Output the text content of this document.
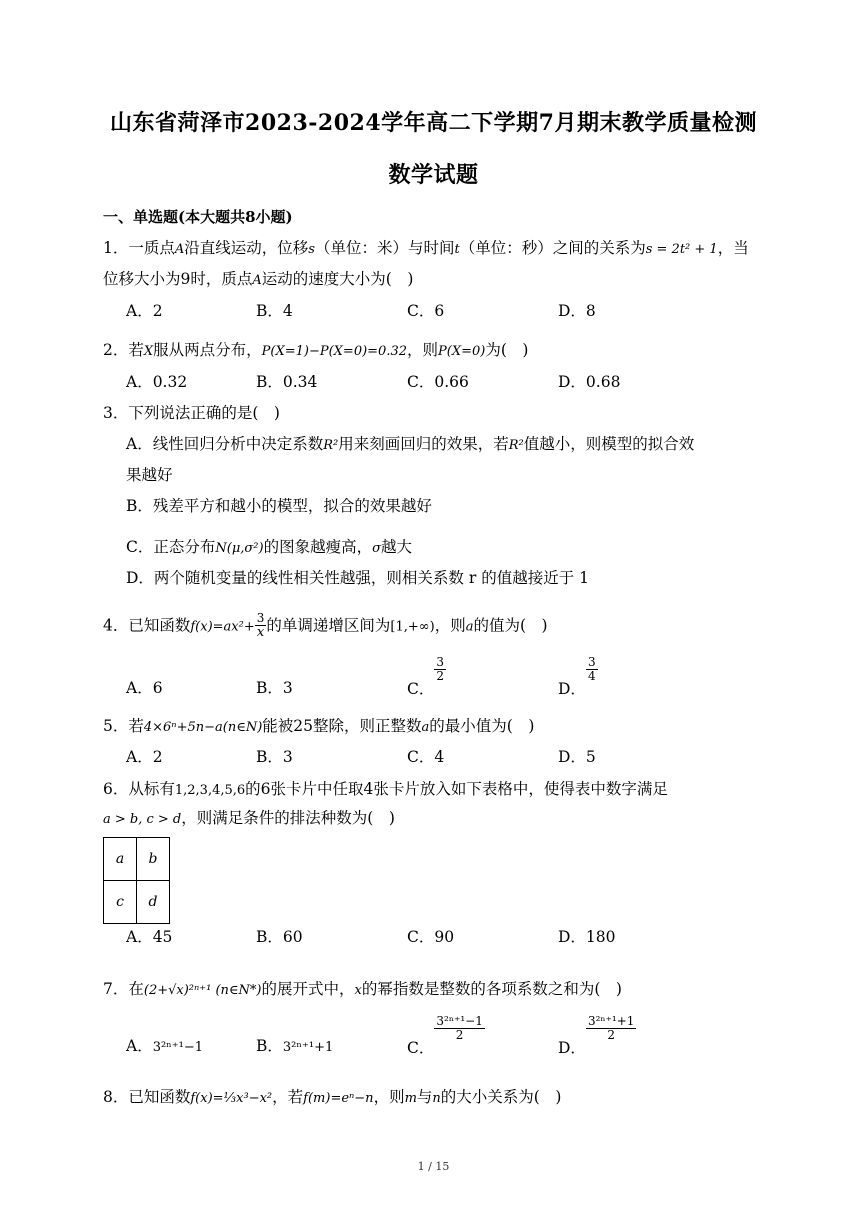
山东省菏泽市2023-2024学年高二下学期7月期末教学质量检测
数学试题
一、单选题(本大题共8小题)
1．一质点A沿直线运动，位移s（单位：米）与时间t（单位：秒）之间的关系为s = 2t² + 1，当
位移大小为9时，质点A运动的速度大小为(　)
A．2	B．4	C．6	D．8
2．若X服从两点分布，P(X=1)−P(X=0)=0.32，则P(X=0)为(　)
A．0.32	B．0.34	C．0.66	D．0.68
3．下列说法正确的是(　)
A．线性回归分析中决定系数R²用来刻画回归的效果，若R²值越小，则模型的拟合效
果越好
B．残差平方和越小的模型，拟合的效果越好
C．正态分布N(μ,σ²)的图象越瘦高，σ越大
D．两个随机变量的线性相关性越强，则相关系数 r 的值越接近于 1
4．已知函数$f(x)=ax^2+ \frac{3}{x}$ 的单调递增区间为[1,+∞)，则a的值为(　)
A．6	B．3	C．
$\frac{3}{2}$
D．
$\frac{3}{4}$
5．若4×6ⁿ+5n−a(n∈N)能被25整除，则正整数a的最小值为(　)
A．2	B．3	C．4	D．5
6．从标有1,2,3,4,5,6的6张卡片中任取4张卡片放入如下表格中，使得表中数字满足
a > b, c > d，则满足条件的排法种数为(　)
a	b
c	d
A．45	B．60	C．90	D．180
7．在(2+√x)²ⁿ⁺¹ (n∈N*)的展开式中，x的幂指数是整数的各项系数之和为(　)
A．3²ⁿ⁺¹−1	B．3²ⁿ⁺¹+1	C．
$\frac{\text{3²ⁿ⁺¹−1}}{2}$
D．
$\frac{\text{3²ⁿ⁺¹+1}}{2}$
8．已知函数f(x)=⅓x³−x²，若f(m)=eⁿ−n，则m与n的大小关系为(　)
1 / 15
